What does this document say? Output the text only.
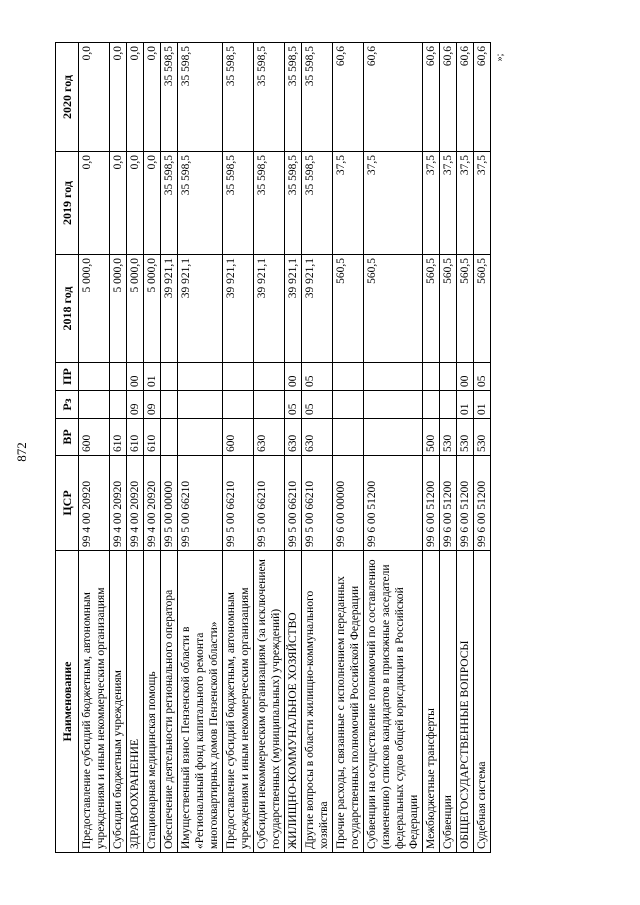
872
»;
Наименование	ЦСР	ВР	Рз	ПР	2018 год	2019 год	2020 год
Предоставление субсидий бюджетным, автономным учреждениям и иным некоммерческим организациям	99 4 00 20920	600			5 000,0	0,0	0,0
Субсидии бюджетным учреждениям	99 4 00 20920	610			5 000,0	0,0	0,0
ЗДРАВООХРАНЕНИЕ	99 4 00 20920	610	09	00	5 000,0	0,0	0,0
Стационарная медицинская помощь	99 4 00 20920	610	09	01	5 000,0	0,0	0,0
Обеспечение деятельности регионального оператора	99 5 00 00000				39 921,1	35 598,5	35 598,5
Имущественный взнос Пензенской области в «Региональный фонд капитального ремонта многоквартирных домов Пензенской области»	99 5 00 66210				39 921,1	35 598,5	35 598,5
Предоставление субсидий бюджетным, автономным учреждениям и иным некоммерческим организациям	99 5 00 66210	600			39 921,1	35 598,5	35 598,5
Субсидии некоммерческим организациям (за исключением государственных (муниципальных) учреждений)	99 5 00 66210	630			39 921,1	35 598,5	35 598,5
ЖИЛИЩНО-КОММУНАЛЬНОЕ ХОЗЯЙСТВО	99 5 00 66210	630	05	00	39 921,1	35 598,5	35 598,5
Другие вопросы в области жилищно-коммунального хозяйства	99 5 00 66210	630	05	05	39 921,1	35 598,5	35 598,5
Прочие расходы, связанные с исполнением переданных государственных полномочий Российской Федерации	99 6 00 00000				560,5	37,5	60,6
Субвенции на осуществление полномочий по составлению (изменению) списков кандидатов в присяжные заседатели федеральных судов общей юрисдикции в Российской Федерации	99 6 00 51200				560,5	37,5	60,6
Межбюджетные трансферты	99 6 00 51200	500			560,5	37,5	60,6
Субвенции	99 6 00 51200	530			560,5	37,5	60,6
ОБЩЕГОСУДАРСТВЕННЫЕ ВОПРОСЫ	99 6 00 51200	530	01	00	560,5	37,5	60,6
Судебная система	99 6 00 51200	530	01	05	560,5	37,5	60,6
